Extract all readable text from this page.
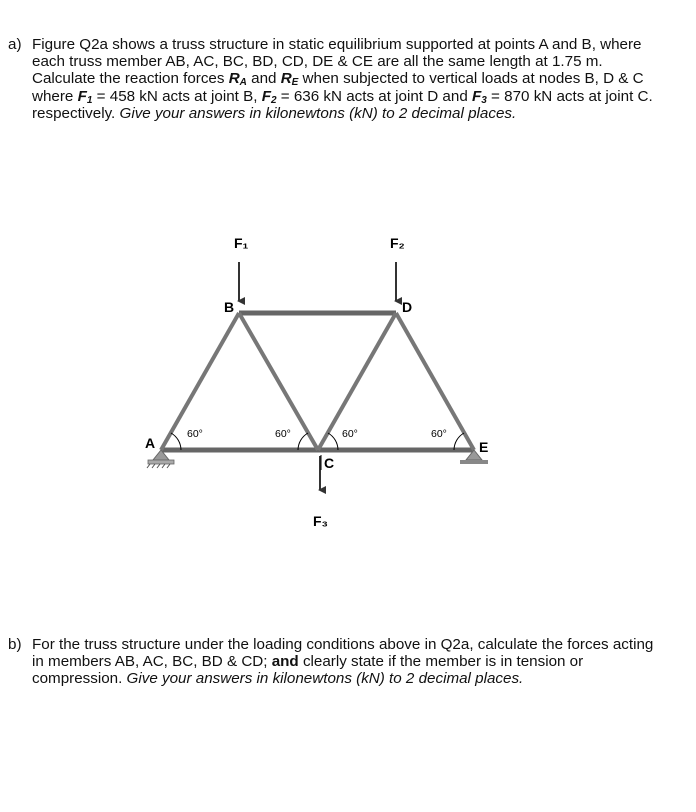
a) Figure Q2a shows a truss structure in static equilibrium supported at points A and B, where each truss member AB, AC, BC, BD, CD, DE & CE are all the same length at 1.75 m. Calculate the reaction forces $R_A$ and $R_E$ when subjected to vertical loads at nodes B, D & C where $F_1 = 458$ kN acts at joint B, $F_2 = 636$ kN acts at joint D and $F_3 = 870$ kN acts at joint C. respectively. Give your answers in kilonewtons (kN) to 2 decimal places.
F₁	F₂
F₃
A
B
C
D
E
60°	60°	60°	60°
b) For the truss structure under the loading conditions above in Q2a, calculate the forces acting in members AB, AC, BC, BD & CD; and clearly state if the member is in tension or compression. Give your answers in kilonewtons (kN) to 2 decimal places.
